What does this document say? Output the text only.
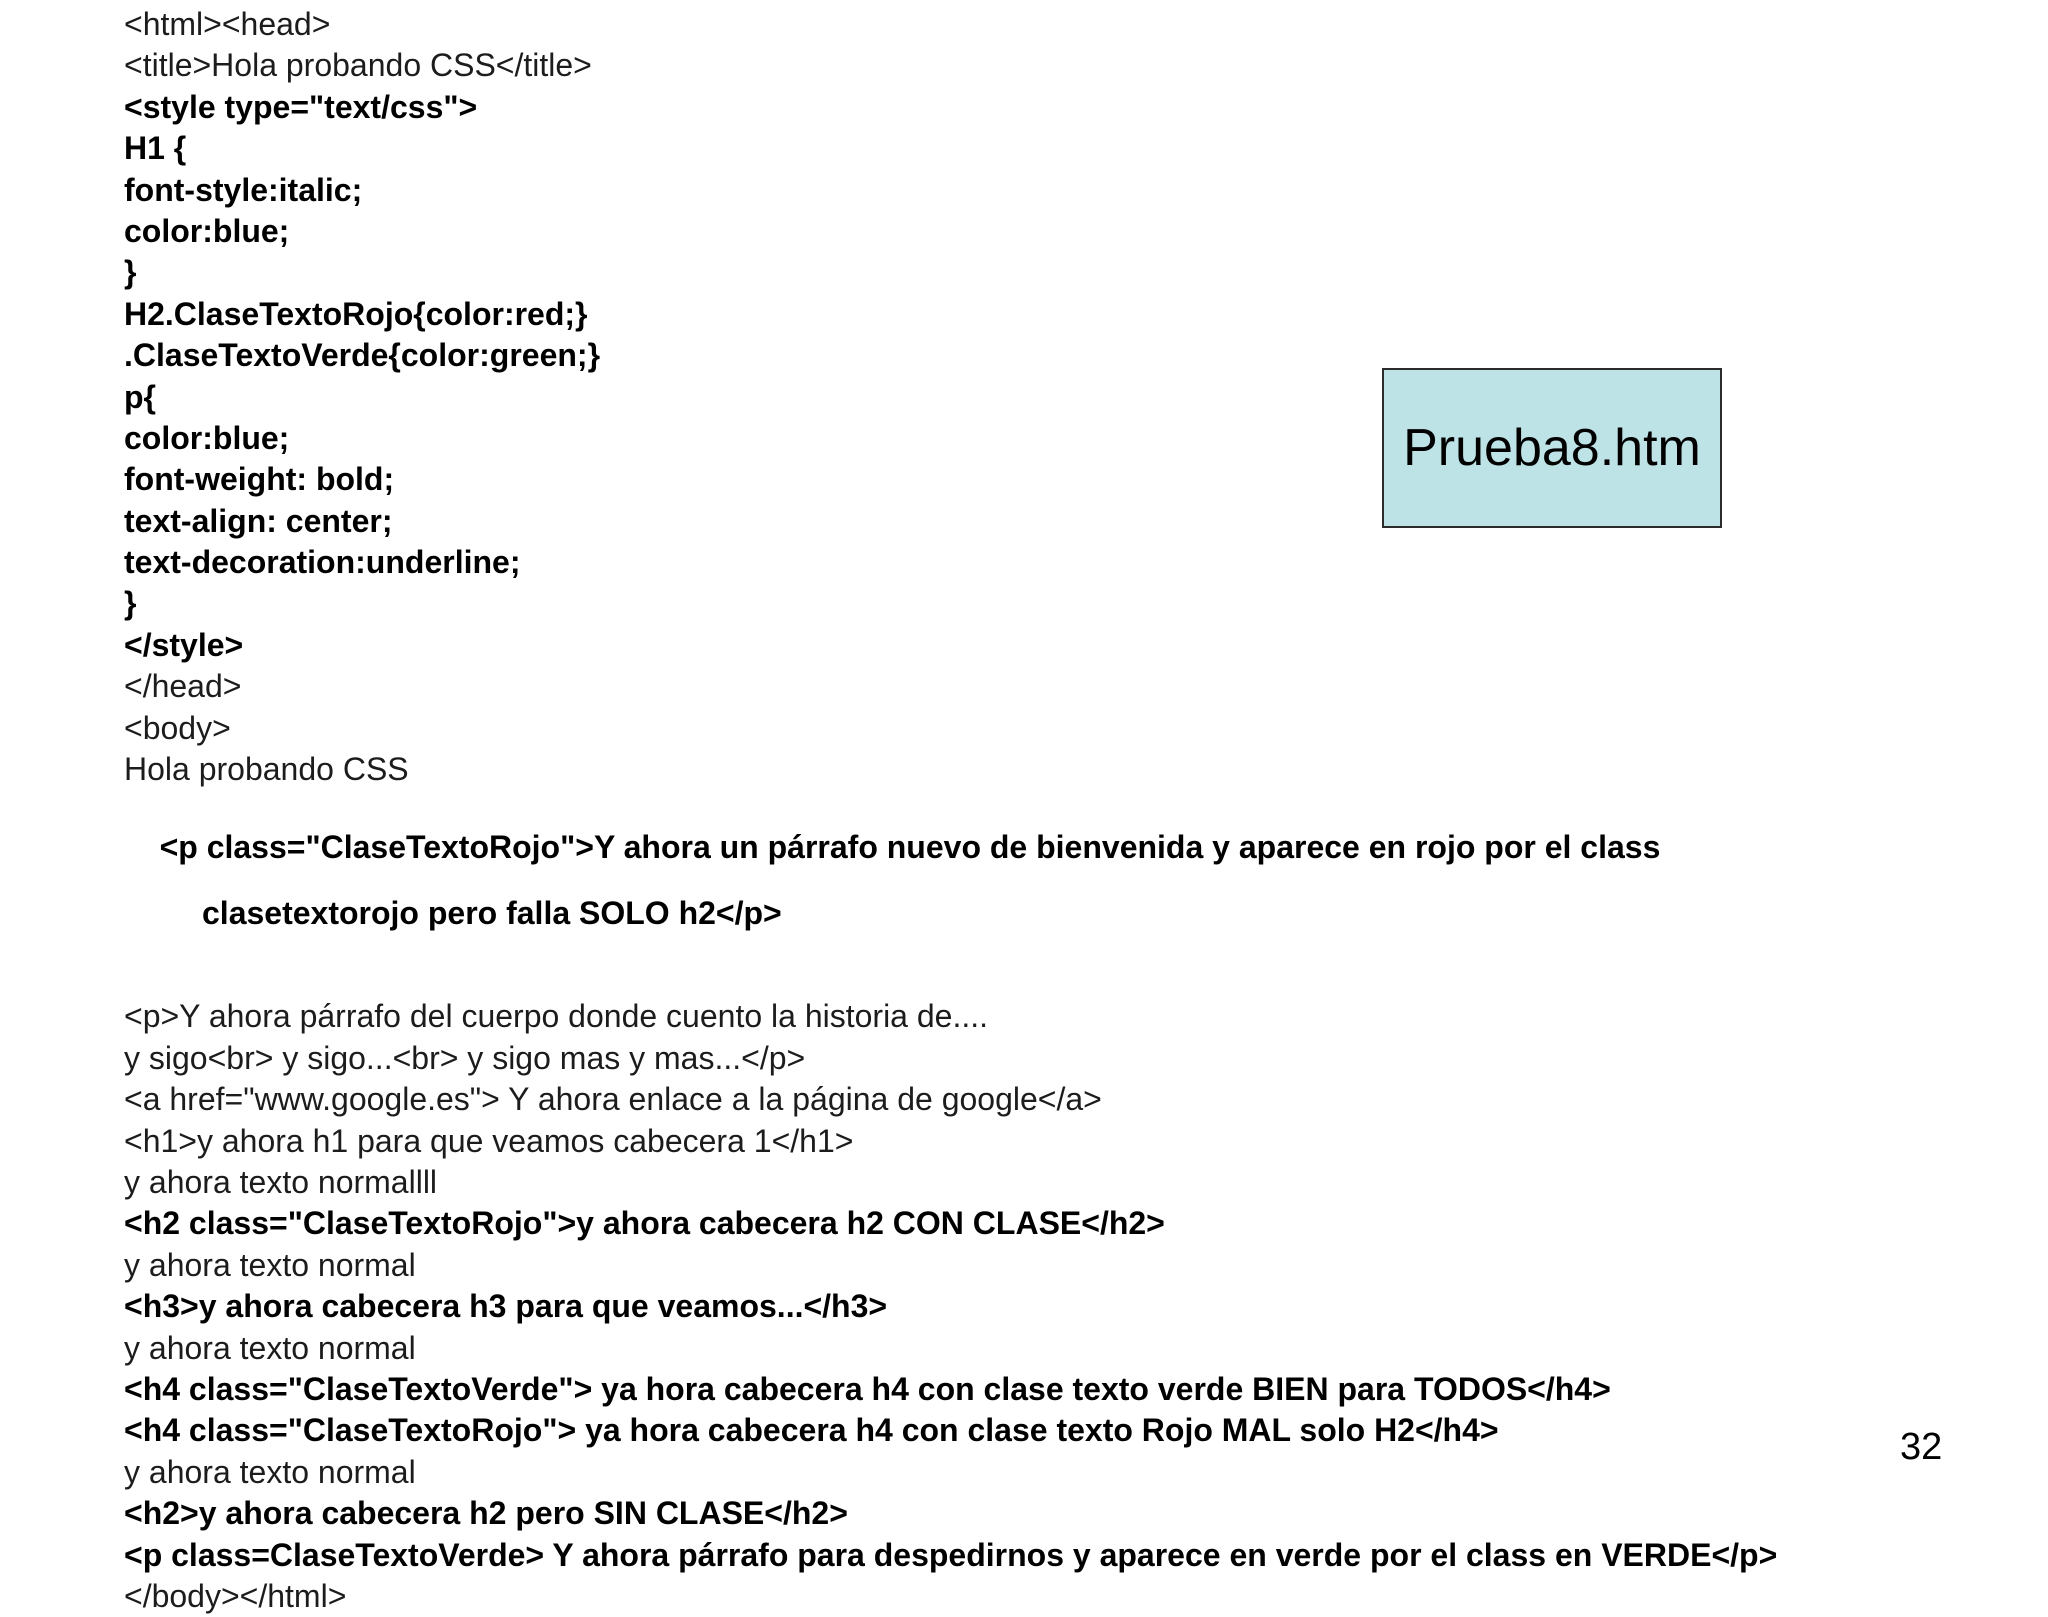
<html><head>
<title>Hola probando CSS</title>
<style type="text/css">
H1 {
font-style:italic;
color:blue;
}
H2.ClaseTextoRojo{color:red;}
.ClaseTextoVerde{color:green;}
p{
color:blue;
font-weight: bold;
text-align: center;
text-decoration:underline;
}
</style>
</head>
<body>
Hola probando CSS

<p class="ClaseTextoRojo">Y ahora un párrafo nuevo de bienvenida y aparece en rojo por el class

clasetextorojo pero falla SOLO h2</p>

<p>Y ahora párrafo del cuerpo donde cuento la historia de....
y sigo<br> y sigo...<br> y sigo mas y mas...</p>
<a href="www.google.es"> Y ahora enlace a la página de google</a>
<h1>y ahora h1 para que veamos cabecera 1</h1>
y ahora texto normallll
<h2 class="ClaseTextoRojo">y ahora cabecera h2 CON CLASE</h2>
y ahora texto normal
<h3>y ahora cabecera h3 para que veamos...</h3>
y ahora texto normal
<h4 class="ClaseTextoVerde"> ya hora cabecera h4 con clase texto verde BIEN para TODOS</h4>
<h4 class="ClaseTextoRojo"> ya hora cabecera h4 con clase texto Rojo MAL solo H2</h4>
y ahora texto normal
<h2>y ahora cabecera h2 pero SIN CLASE</h2>
<p class=ClaseTextoVerde> Y ahora párrafo para despedirnos y aparece en verde por el class en VERDE</p>
</body></html>
Prueba8.htm
32
